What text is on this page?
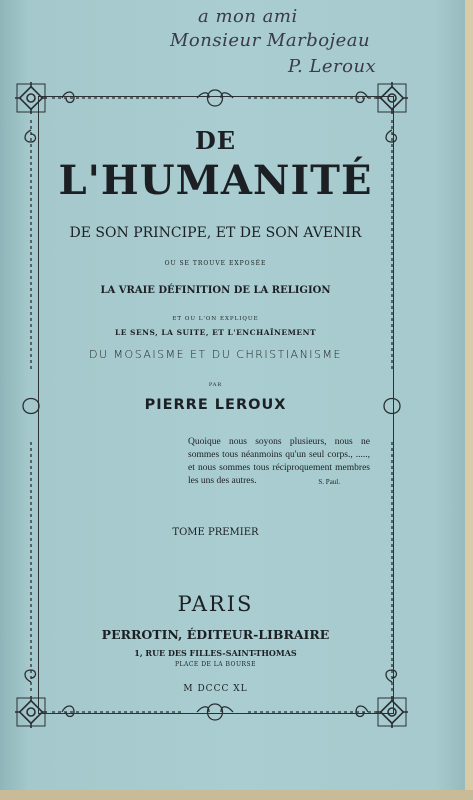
a mon ami
Monsieur Marbojeau
P. Leroux
DE
L'HUMANITÉ
DE SON PRINCIPE, ET DE SON AVENIR
OU SE TROUVE EXPOSÉE
LA VRAIE DÉFINITION DE LA RELIGION
ET OU L'ON EXPLIQUE
LE SENS, LA SUITE, ET L'ENCHAÎNEMENT
DU MOSAISME ET DU CHRISTIANISME
PAR
PIERRE LEROUX
Quoique nous soyons plusieurs, nous ne sommes tous néanmoins qu'un seul corps., ....., et nous sommes tous réciproquement membres les uns des autres.	S. Paul.
TOME PREMIER
PARIS
PERROTIN, ÉDITEUR-LIBRAIRE
1, RUE DES FILLES-SAINT-THOMAS
PLACE DE LA BOURSE
M DCCC XL
